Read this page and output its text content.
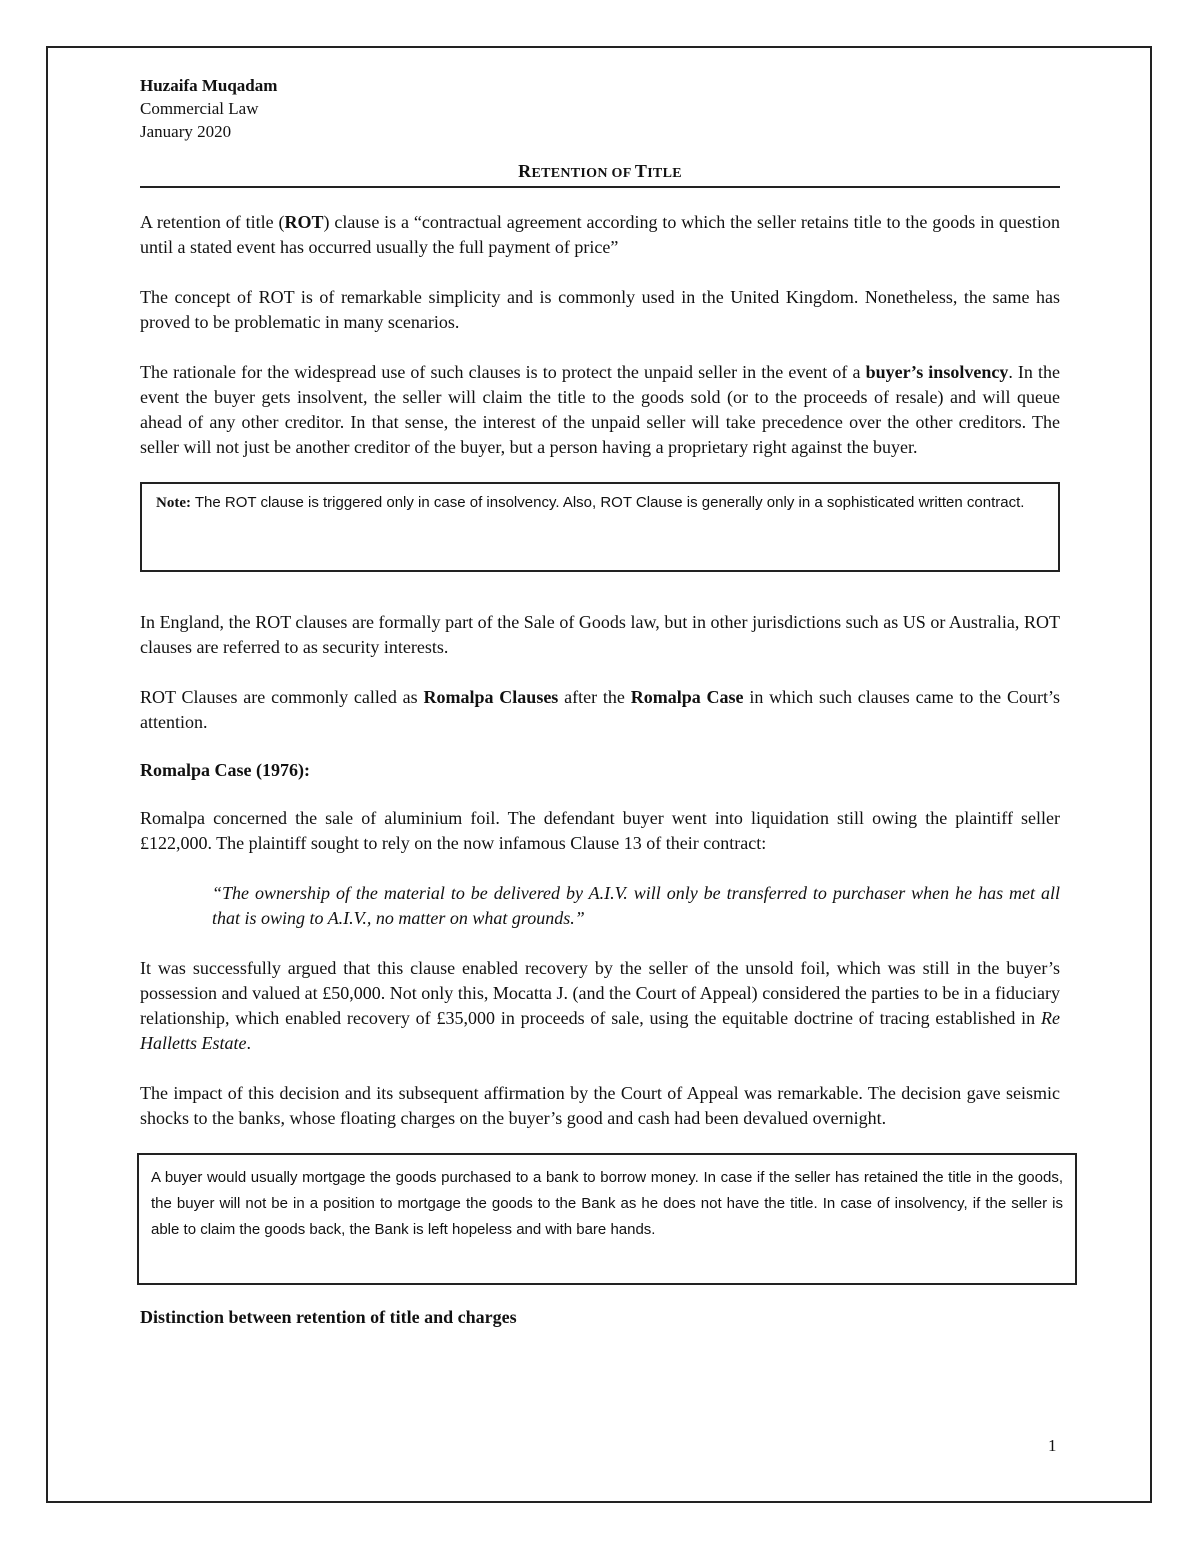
Huzaifa Muqadam
Commercial Law
January 2020
RETENTION OF TITLE

A retention of title (ROT) clause is a “contractual agreement according to which the seller retains title to the goods in question until a stated event has occurred usually the full payment of price”

The concept of ROT is of remarkable simplicity and is commonly used in the United Kingdom. Nonetheless, the same has proved to be problematic in many scenarios.

The rationale for the widespread use of such clauses is to protect the unpaid seller in the event of a buyer’s insolvency. In the event the buyer gets insolvent, the seller will claim the title to the goods sold (or to the proceeds of resale) and will queue ahead of any other creditor. In that sense, the interest of the unpaid seller will take precedence over the other creditors. The seller will not just be another creditor of the buyer, but a person having a proprietary right against the buyer.

Note: The ROT clause is triggered only in case of insolvency. Also, ROT Clause is generally only in a sophisticated written contract.

In England, the ROT clauses are formally part of the Sale of Goods law, but in other jurisdictions such as US or Australia, ROT clauses are referred to as security interests.

ROT Clauses are commonly called as Romalpa Clauses after the Romalpa Case in which such clauses came to the Court’s attention.

Romalpa Case (1976):

Romalpa concerned the sale of aluminium foil. The defendant buyer went into liquidation still owing the plaintiff seller £122,000. The plaintiff sought to rely on the now infamous Clause 13 of their contract:

“The ownership of the material to be delivered by A.I.V. will only be transferred to purchaser when he has met all that is owing to A.I.V., no matter on what grounds.”

It was successfully argued that this clause enabled recovery by the seller of the unsold foil, which was still in the buyer’s possession and valued at £50,000. Not only this, Mocatta J. (and the Court of Appeal) considered the parties to be in a fiduciary relationship, which enabled recovery of £35,000 in proceeds of sale, using the equitable doctrine of tracing established in Re Halletts Estate.

The impact of this decision and its subsequent affirmation by the Court of Appeal was remarkable. The decision gave seismic shocks to the banks, whose floating charges on the buyer’s good and cash had been devalued overnight.

A buyer would usually mortgage the goods purchased to a bank to borrow money. In case if the seller has retained the title in the goods, the buyer will not be in a position to mortgage the goods to the Bank as he does not have the title. In case of insolvency, if the seller is able to claim the goods back, the Bank is left hopeless and with bare hands.
Distinction between retention of title and charges
1
